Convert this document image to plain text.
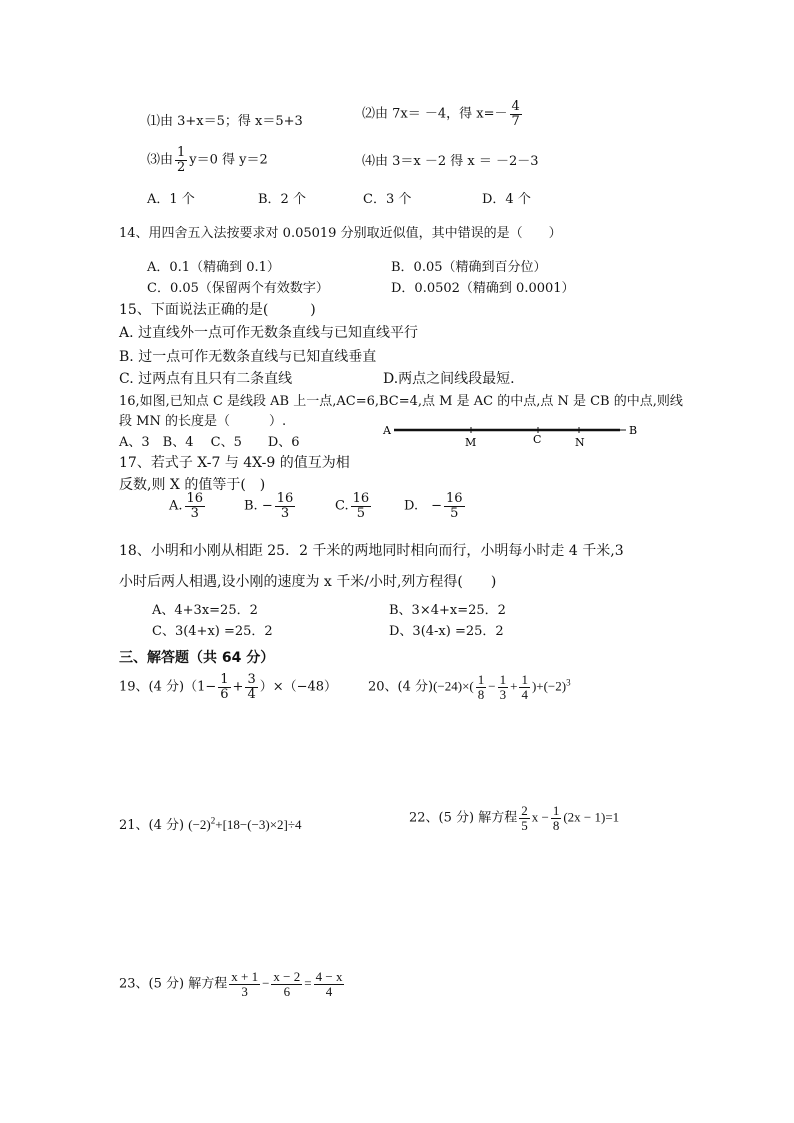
⑴由 3+x＝5；得 x＝5+3	⑵由 7x＝ －4，得 $x=- \frac{4}{7}$
⑶由 $\frac{1}{2} y=0$ 得 y＝2	⑷由 3＝x －2 得 x ＝ －2－3
A．1 个	B．2 个	C．3 个	D．4 个
14、用四舍五入法按要求对 0.05019 分别取近似值，其中错误的是（　　）
A．0.1（精确到 0.1）	B．0.05（精确到百分位）
C．0.05（保留两个有效数字）	D．0.0502（精确到 0.0001）
15、下面说法正确的是(　　　)
A. 过直线外一点可作无数条直线与已知直线平行
B. 过一点可作无数条直线与已知直线垂直
C. 过两点有且只有二条直线	D.两点之间线段最短.
16,如图,已知点 C 是线段 AB 上一点,AC=6,BC=4,点 M 是 AC 的中点,点 N 是 CB 的中点,则线
段 MN 的长度是（　　　）.
A、3　B、4　 C、5　　D、6
A	B
M	C	N
17、若式子 X-7 与 4X-9 的值互为相
反数,则 X 的值等于(　)
A. $\frac{16}{3}$	B. − $\frac{16}{3}$	C. $\frac{16}{5}$	D.　− $\frac{16}{5}$
18、小明和小刚从相距 25．2 千米的两地同时相向而行，小明每小时走 4 千米,3
小时后两人相遇,设小刚的速度为 x 千米/小时,列方程得(　　)
A、4+3x=25．2	B、3×4+x=25．2
C、3(4+x) =25．2	D、3(4-x) =25．2
三、解答题（共 64 分）
19、(4 分)$(1- \frac{1}{6} + \frac{3}{4} )\times(-48)$ 20、(4 分)$(-24)\times( \frac{1}{8} - \frac{1}{3} + \frac{1}{4} )+(-2)^3$
21、(4 分) $(-2)^2+[18-(-3)\times 2]\div 4$	22、(5 分) 解方程 $\frac{2}{5}$ $x - \frac{1}{8} (2x - 1)=1$
23、(5 分) 解方程 $\frac{x + 1}{3} - \frac{x - 2}{6} = \frac{4 - x}{4}$
